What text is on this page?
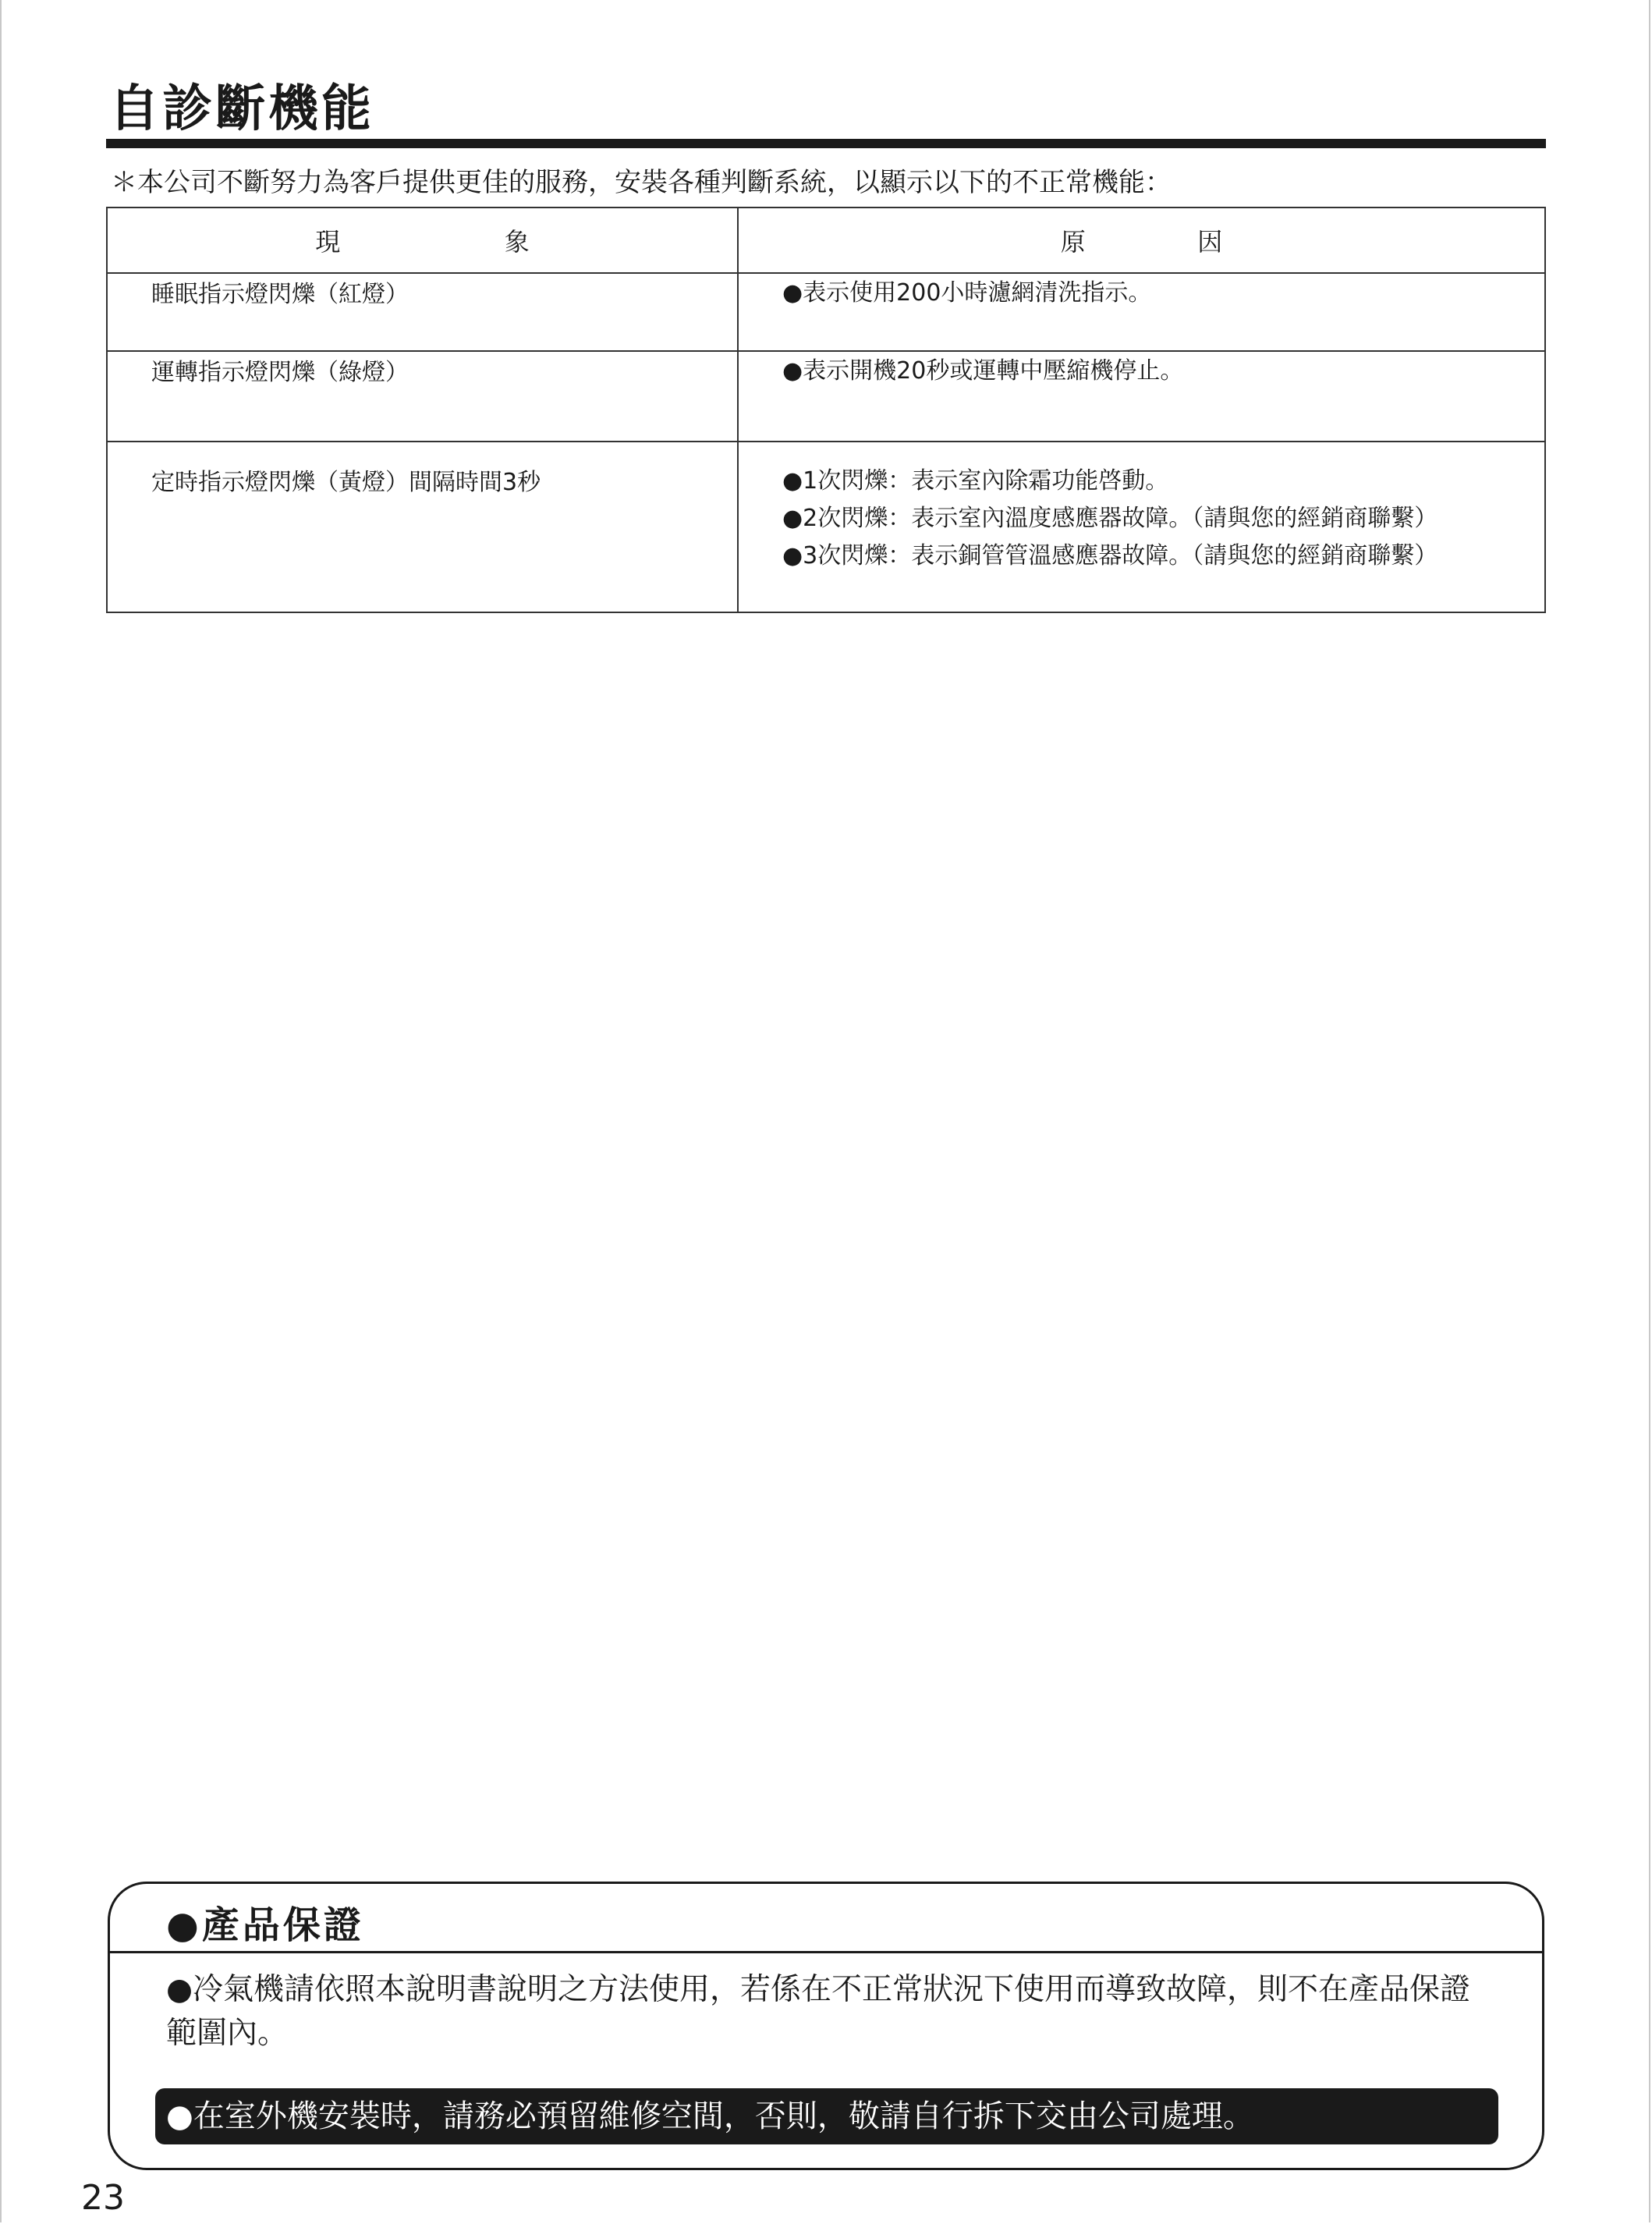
自診斷機能
＊本公司不斷努力為客戶提供更佳的服務，安裝各種判斷系統，以顯示以下的不正常機能：
現 象	原 因

睡眠指示燈閃爍（紅燈）	●表示使用200小時濾網清洗指示。

運轉指示燈閃爍（綠燈）	●表示開機20秒或運轉中壓縮機停止。

定時指示燈閃爍（黃燈）間隔時間3秒	●1次閃爍：表示室內除霜功能啓動。
●2次閃爍：表示室內溫度感應器故障。（請與您的經銷商聯繫）
●3次閃爍：表示銅管管溫感應器故障。（請與您的經銷商聯繫）
●產品保證
●冷氣機請依照本說明書說明之方法使用，若係在不正常狀況下使用而導致故障，則不在產品保證範圍內。
●在室外機安裝時，請務必預留維修空間，否則，敬請自行拆下交由公司處理。
23
